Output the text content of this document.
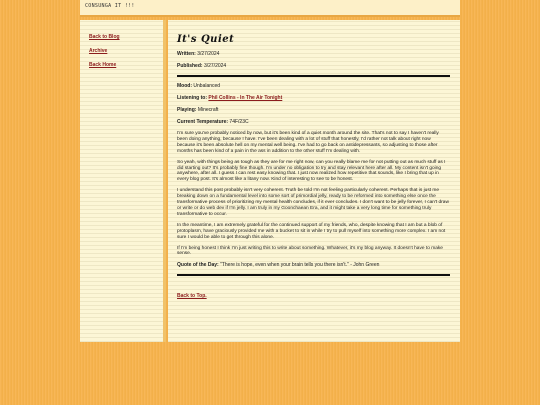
CONSUNGA IT !!!
Back to Blog
Archive
Back Home
It's Quiet

Written: 3/27/2024

Published: 3/27/2024

Mood: Unbalanced

Listening to: Phil Collins - In The Air Tonight

Playing: Minecraft

Current Temperature: 74F/23C

I'm sure you've probably noticed by now, but it's been kind of a quiet month around the site. That's not to say I haven't really been doing anything, because I have. I've been dealing with a lot of stuff that honestly, I'd rather not talk about right now because it's been absolute hell on my mental well being. I've had to go back on antidepressants, so adjusting to those after months has been kind of a pain in the ass in addition to the other stuff I'm dealing with.

So yeah, with things being as tough as they are for me right now, can you really blame me for not putting out as much stuff as I did starting out? It's probably fine though. I'm under no obligation to try and stay relevant here after all. My content isn't going anywhere, after all. I guess I can rest easy knowing that. I just now realized how repetitive that sounds, like I bring that up in every blog post. It's almost like a litany now. Kind of interesting to see to be honest.

I understand this post probably isn't very coherent. Truth be told I'm not feeling particularly coherent. Perhaps that is just me breaking down on a fundamental level into some sort of primordial jelly, ready to be reformed into something else once the transformative process of prioritizing my mental health concludes, if it ever concludes. I don't want to be jelly forever, I can't draw or write or do web dev if I'm jelly. I am truly in my Goonchaean Era, and it might take a very long time for something truly transformative to occur.

In the meantime, I am extremely grateful for the continued support of my friends, who, despite knowing that I am but a blob of protoplasm, have graciously provided me with a bucket to sit in while I try to pull myself into something more complex. I am not sure I would be able to get through this alone.

If I'm being honest I think I'm just writing this to write about something. Whatever, it's my blog anyway. It doesn't have to make sense.

Quote of the Day: "There is hope, even when your brain tells you there isn't." - John Green

Back to Top.
